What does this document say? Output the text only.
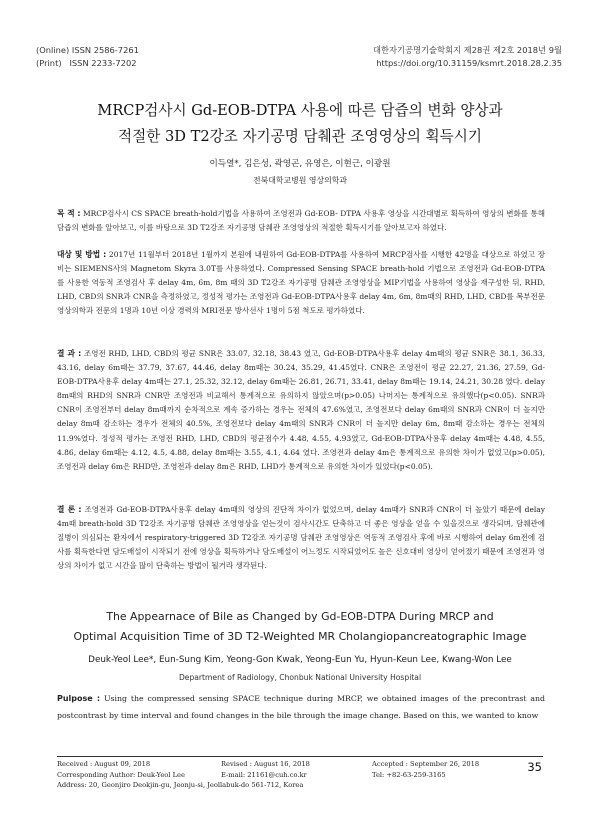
(Online) ISSN 2586-7261
(Print)   ISSN 2233-7202
대한자기공명기술학회지 제28권 제2호 2018년 9월
https://doi.org/10.31159/ksmrt.2018.28.2.35
MRCP검사시 Gd-EOB-DTPA 사용에 따른 담즙의 변화 양상과
적절한 3D T2강조 자기공명 담췌관 조영영상의 획득시기
이득열*, 김은성, 곽영곤, 유영은, 이현근, 이광원
전북대학교병원 영상의학과
목 적 : MRCP검사시 CS SPACE breath-hold기법을 사용하여 조영전과 Gd-EOB- DTPA 사용후 영상을 시간대별로 획득하여 영상의 변화를 통해 담즙의 변화를 알아보고, 이를 바탕으로 3D T2강조 자기공명 담췌관 조영영상의 적절한 획득시기를 알아보고자 하였다.
대상 및 방법 : 2017년 11월부터 2018년 1월까지 본원에 내원하여 Gd-EOB-DTPA를 사용하여 MRCP검사를 시행한 42명을 대상으로 하였고 장비는 SIEMENS사의 Magnetom Skyra 3.0T를 사용하였다. Compressed Sensing SPACE breath-hold 기법으로 조영전과 Gd-EOB-DTPA를 사용한 역동적 조영검사 후 delay 4m, 6m, 8m 때의 3D T2강조 자기공명 담췌관 조영영상을 MIP기법을 사용하여 영상을 재구성한 뒤, RHD, LHD, CBD의 SNR과 CNR을 측정하였고, 정성적 평가는 조영전과 Gd-EOB-DTPA사용후 delay 4m, 6m, 8m때의 RHD, LHD, CBD를 복부전문 영상의학과 전문의 1명과 10년 이상 경력의 MRI전문 방사선사 1명이 5점 척도로 평가하였다.
결 과 : 조영전 RHD, LHD, CBD의 평균 SNR은 33.07, 32.18, 38.43 였고, Gd-EOB-DTPA사용후 delay 4m때의 평균 SNR은 38.1, 36.33, 43.16, delay 6m때는 37.79, 37.67, 44.46, delay 8m때는 30.24, 35.29, 41.45였다. CNR은 조영전이 평균 22.27, 21.36, 27.59, Gd-EOB-DTPA사용후 delay 4m때는 27.1, 25.32, 32.12, delay 6m때는 26.81, 26.71, 33.41, delay 8m때는 19.14, 24.21, 30.28 였다. delay 8m때의 RHD의 SNR과 CNR만 조영전과 비교해서 통계적으로 유의하지 않았으며(p>0.05) 나머지는 통계적으로 유의했다(p<0.05). SNR과 CNR이 조영전부터 delay 8m때까지 순차적으로 계속 증가하는 경우는 전체의 47.6%였고, 조영전보다 delay 6m때의 SNR과 CNR이 더 높지만 delay 8m때 감소하는 경우가 전체의 40.5%, 조영전보다 delay 4m때의 SNR과 CNR이 더 높지만 delay 6m, 8m때 감소하는 경우는 전체의 11.9%였다. 정성적 평가는 조영전 RHD, LHD, CBD의 평균점수가 4.48, 4.55, 4.93였고, Gd-EOB-DTPA사용후 delay 4m때는 4.48, 4.55, 4.86, delay 6m때는 4.12, 4.5, 4.88, delay 8m때는 3.55, 4.1, 4.64 였다. 조영전과 delay 4m은 통계적으로 유의한 차이가 없었고(p>0.05), 조영전과 delay 6m은 RHD만, 조영전과 delay 8m은 RHD, LHD가 통계적으로 유의한 차이가 있었다(p<0.05).
결 론 : 조영전과 Gd-EOB-DTPA사용후 delay 4m때의 영상의 진단적 차이가 없었으며, delay 4m때가 SNR과 CNR이 더 높았기 때문에 delay 4m때 breath-hold 3D T2강조 자기공명 담췌관 조영영상을 얻는것이 검사시간도 단축하고 더 좋은 영상을 얻을 수 있을것으로 생각되며, 담췌관에 질병이 의심되는 환자에서 respiratory-triggered 3D T2강조 자기공명 담췌관 조영영상은 역동적 조영검사 후에 바로 시행하여 delay 6m전에 검사를 획득한다면 담도배설이 시작되기 전에 영상을 획득하거나 담도배설이 어느정도 시작되었어도 높은 신호대비 영상이 얻어졌기 때문에 조영전과 영상의 차이가 없고 시간을 많이 단축하는 방법이 될거라 생각된다.
The Appearnace of Bile as Changed by Gd-EOB-DTPA During MRCP and
Optimal Acquisition Time of 3D T2-Weighted MR Cholangiopancreatographic Image
Deuk-Yeol Lee*, Eun-Sung Kim, Yeong-Gon Kwak, Yeong-Eun Yu, Hyun-Keun Lee, Kwang-Won Lee
Department of Radiology, Chonbuk National University Hospital
Pulpose : Using the compressed sensing SPACE technique during MRCP, we obtained images of the precontrast and postcontrast by time interval and found changes in the bile through the image change. Based on this, we wanted to know
Received : August 09, 2018
Corresponding Author: Deuk-Yeol Lee
Address: 20, Geonjiro Deokjin-gu, Jeonju-si, Jeollabuk-do 561-712, Korea
Revised : August 16, 2018
E-mail: 21161@cuh.co.kr
Accepted : September 26, 2018
Tel: +82-63-259-3165
35
